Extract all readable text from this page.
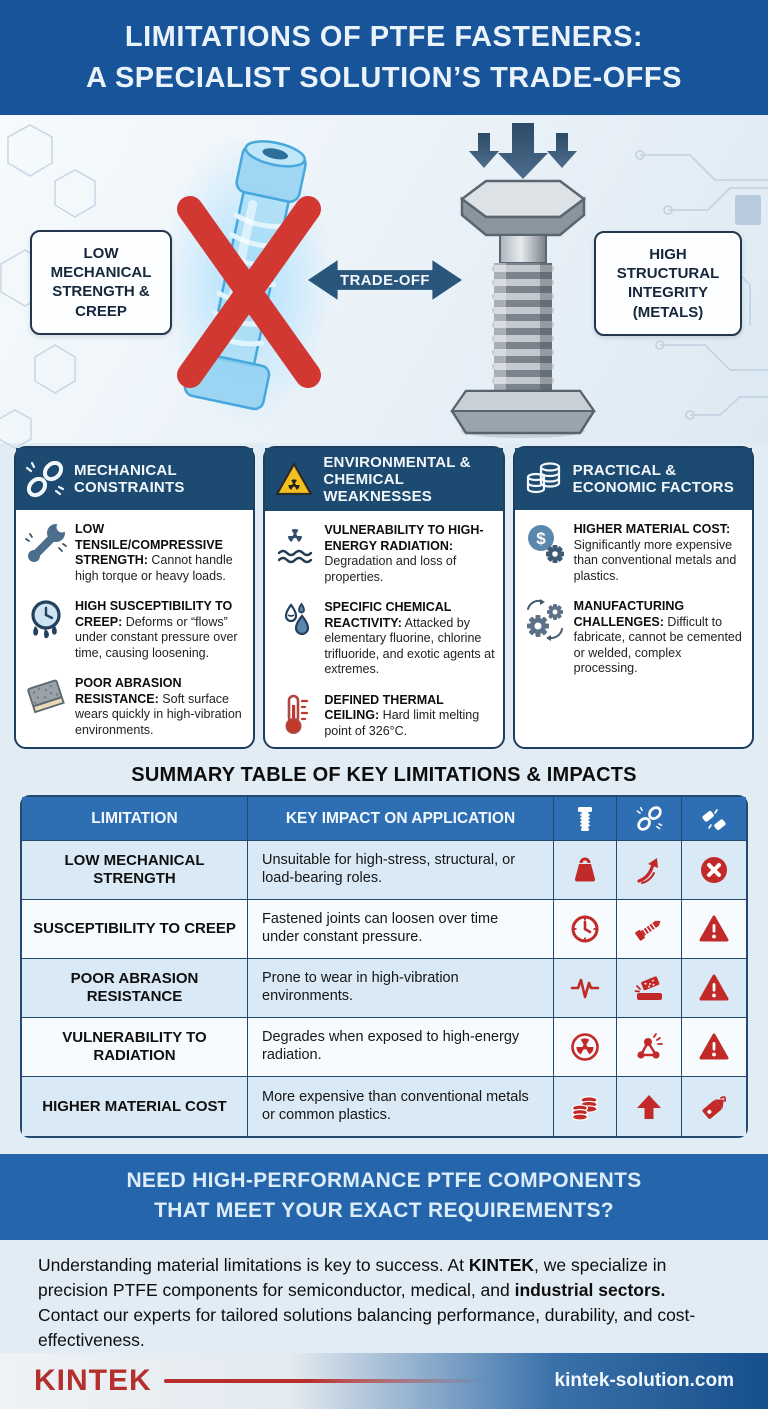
LIMITATIONS OF PTFE FASTENERS:
A SPECIALIST SOLUTION’S TRADE-OFFS
TRADE-OFF
LOW MECHANICAL STRENGTH & CREEP
HIGH STRUCTURAL INTEGRITY (METALS)
MECHANICAL CONSTRAINTS
LOW TENSILE/COMPRESSIVE STRENGTH: Cannot handle high torque or heavy loads.
HIGH SUSCEPTIBILITY TO CREEP: Deforms or “flows” under constant pressure over time, causing loosening.
POOR ABRASION RESISTANCE: Soft surface wears quickly in high-vibration environments.
ENVIRONMENTAL & CHEMICAL WEAKNESSES
VULNERABILITY TO HIGH-ENERGY RADIATION: Degradation and loss of properties.
SPECIFIC CHEMICAL REACTIVITY: Attacked by elementary fluorine, chlorine trifluoride, and exotic agents at extremes.
DEFINED THERMAL CEILING: Hard limit melting point of 326°C.
PRACTICAL & ECONOMIC FACTORS
$ HIGHER MATERIAL COST: Significantly more expensive than conventional metals and plastics.
MANUFACTURING CHALLENGES: Difficult to fabricate, cannot be cemented or welded, complex processing.
SUMMARY TABLE OF KEY LIMITATIONS & IMPACTS
LIMITATION	KEY IMPACT ON APPLICATION
LOW MECHANICAL STRENGTH
Unsuitable for high-stress, structural, or load-bearing roles.
SUSCEPTIBILITY TO CREEP
Fastened joints can loosen over time under constant pressure.
POOR ABRASION RESISTANCE
Prone to wear in high-vibration environments.
VULNERABILITY TO RADIATION
Degrades when exposed to high-energy radiation.
HIGHER MATERIAL COST
More expensive than conventional metals or common plastics.
NEED HIGH-PERFORMANCE PTFE COMPONENTS
THAT MEET YOUR EXACT REQUIREMENTS?

Understanding material limitations is key to success. At KINTEK, we specialize in precision PTFE components for semiconductor, medical, and industrial sectors. Contact our experts for tailored solutions balancing performance, durability, and cost-effectiveness.

KINTEK	kintek-solution.com
